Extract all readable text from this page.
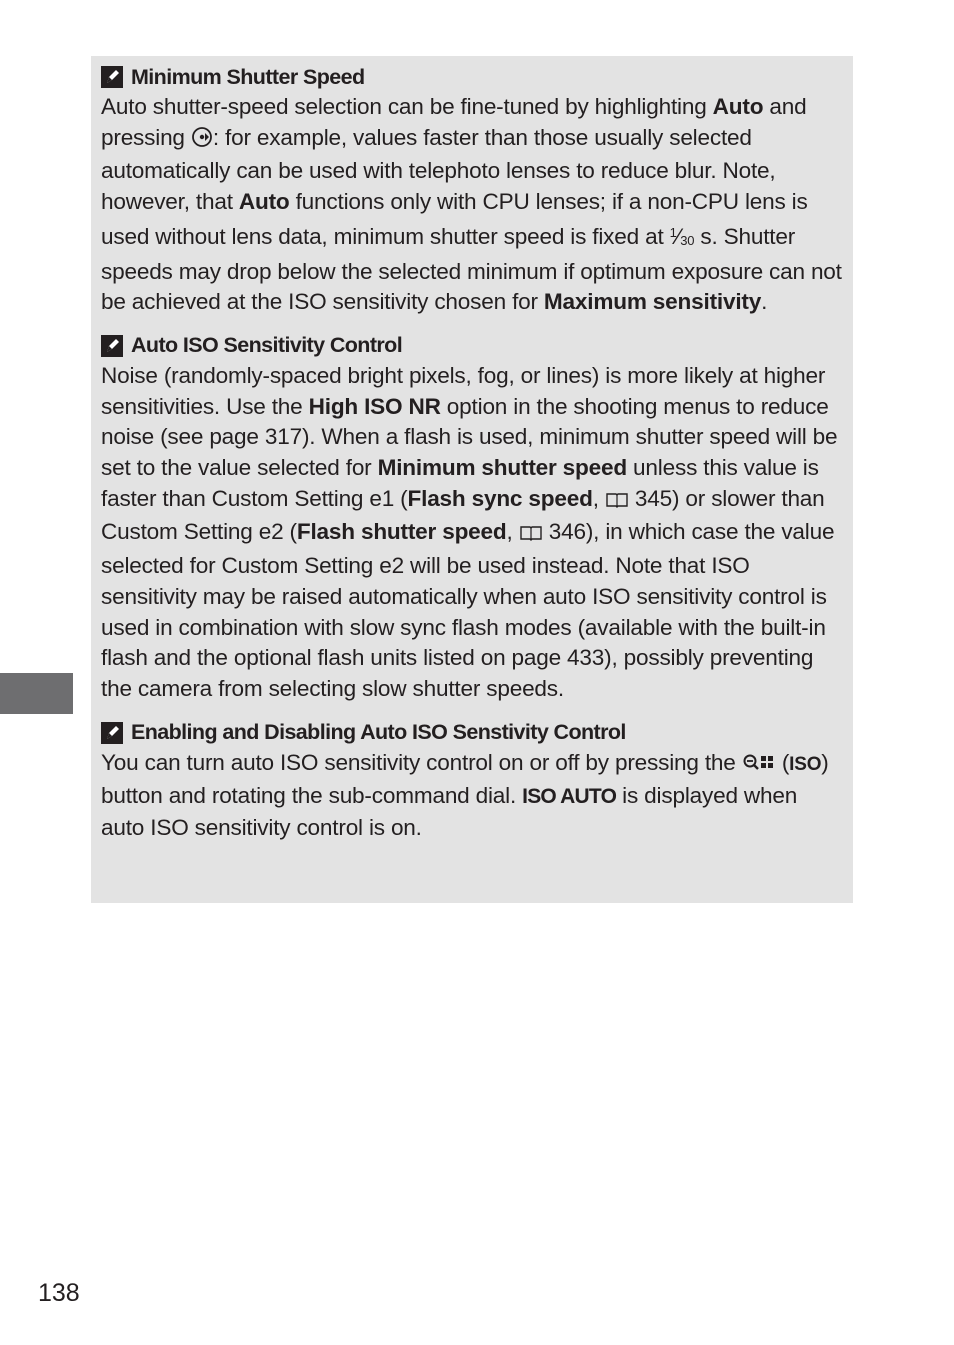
Minimum Shutter Speed

Auto shutter-speed selection can be fine-tuned by highlighting Auto and pressing : for example, values faster than those usually selected automatically can be used with telephoto lenses to reduce blur. Note, however, that Auto functions only with CPU lenses; if a non-CPU lens is used without lens data, minimum shutter speed is fixed at $^1⁄_{30}$ s. Shutter speeds may drop below the selected minimum if optimum exposure can not be achieved at the ISO sensitivity chosen for Maximum sensitivity.

Auto ISO Sensitivity Control

Noise (randomly-spaced bright pixels, fog, or lines) is more likely at higher sensitivities. Use the High ISO NR option in the shooting menus to reduce noise (see page 317). When a flash is used, minimum shutter speed will be set to the value selected for Minimum shutter speed unless this value is faster than Custom Setting e1 (Flash sync speed,  345) or slower than Custom Setting e2 (Flash shutter speed,  346), in which case the value selected for Custom Setting e2 will be used instead. Note that ISO sensitivity may be raised automatically when auto ISO sensitivity control is used in combination with slow sync flash modes (available with the built-in flash and the optional flash units listed on page 433), possibly preventing the camera from selecting slow shutter speeds.

Enabling and Disabling Auto ISO Senstivity Control

You can turn auto ISO sensitivity control on or off by pressing the  (ISO) button and rotating the sub-command dial. ISO AUTO is displayed when auto ISO sensitivity control is on.

138
